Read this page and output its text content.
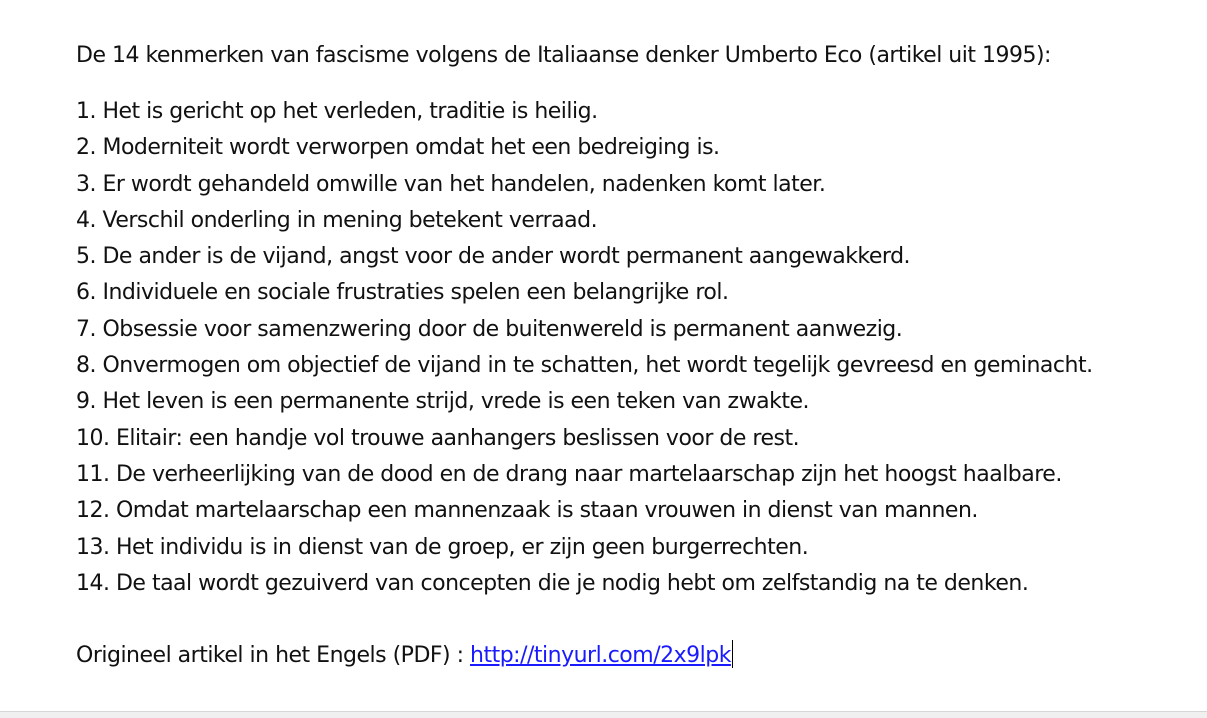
De 14 kenmerken van fascisme volgens de Italiaanse denker Umberto Eco (artikel uit 1995):
1. Het is gericht op het verleden, traditie is heilig.
2. Moderniteit wordt verworpen omdat het een bedreiging is.
3. Er wordt gehandeld omwille van het handelen, nadenken komt later.
4. Verschil onderling in mening betekent verraad.
5. De ander is de vijand, angst voor de ander wordt permanent aangewakkerd.
6. Individuele en sociale frustraties spelen een belangrijke rol.
7. Obsessie voor samenzwering door de buitenwereld is permanent aanwezig.
8. Onvermogen om objectief de vijand in te schatten, het wordt tegelijk gevreesd en geminacht.
9. Het leven is een permanente strijd, vrede is een teken van zwakte.
10. Elitair: een handje vol trouwe aanhangers beslissen voor de rest.
11. De verheerlijking van de dood en de drang naar martelaarschap zijn het hoogst haalbare.
12. Omdat martelaarschap een mannenzaak is staan vrouwen in dienst van mannen.
13. Het individu is in dienst van de groep, er zijn geen burgerrechten.
14. De taal wordt gezuiverd van concepten die je nodig hebt om zelfstandig na te denken.
Origineel artikel in het Engels (PDF) : http://tinyurl.com/2x9lpk
